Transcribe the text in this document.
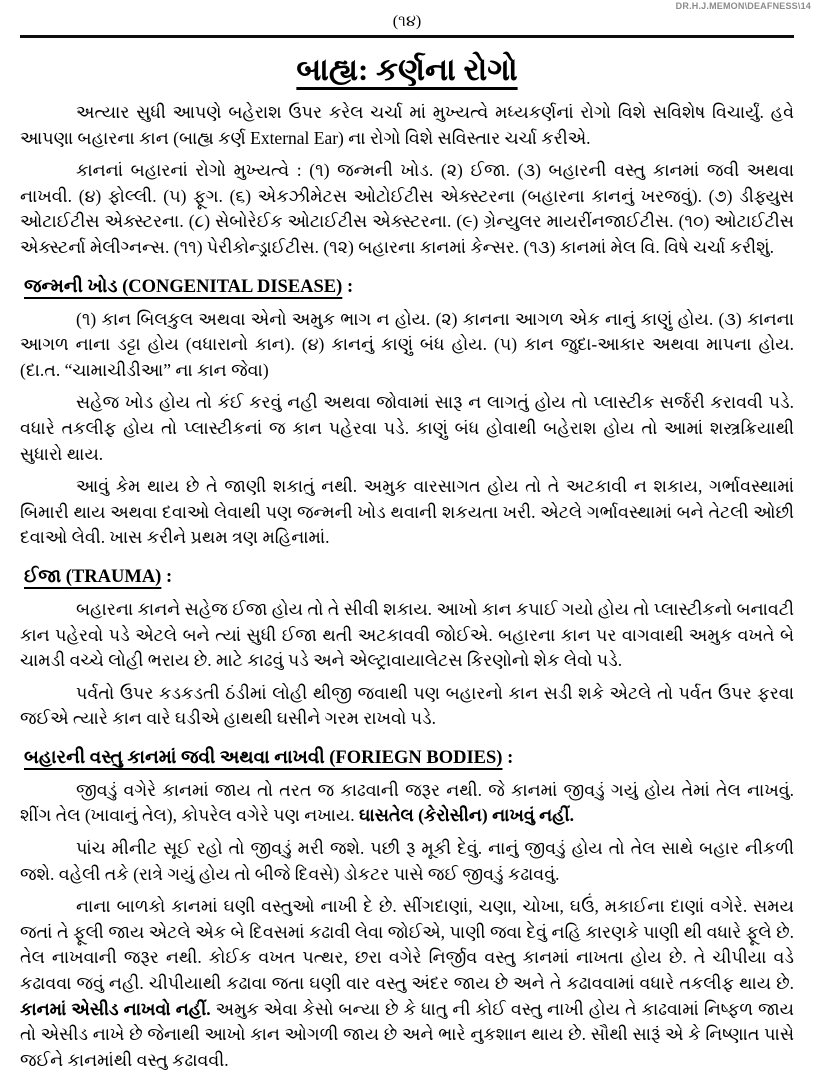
DR.H.J.MEMON\DEAFNESS\14
(૧૪)
બાહ્ય: કર્ણના રોગો

અત્યાર સુધી આપણે બહેરાશ ઉપર કરેલ ચર્ચા માં મુખ્યત્વે મધ્યકર્ણનાં રોગો વિશે સવિશેષ વિચાર્યું. હવે આપણા બહારના કાન (બાહ્ય કર્ણ External Ear) ના રોગો વિશે સવિસ્તાર ચર્ચા કરીએ.

કાનનાં બહારનાં રોગો મુખ્યત્વે : (૧) જન્મની ખોડ. (૨) ઈજા. (૩) બહારની વસ્તુ કાનમાં જવી અથવા નાખવી. (૪) ફોલ્લી. (૫) ફૂગ. (૬) એકઝીમેટસ ઓટોઈટીસ એક્સ્ટરના (બહારના કાનનું ખરજવું). (૭) ડીફ્યુસ ઓટાઈટીસ એક્સ્ટરના. (૮) સેબોરેઈક ઓટાઈટીસ એક્સ્ટરના. (૯) ગ્રેન્યુલર માયરીંનજાઈટીસ. (૧૦) ઓટાઈટીસ એક્સ્ટર્ના મેલીગ્નન્સ. (૧૧) પેરીકોન્ડ્રાઈટીસ. (૧૨) બહારના કાનમાં કેન્સર. (૧૩) કાનમાં મેલ વિ. વિષે ચર્ચા કરીશું.

જન્મની ખોડ (CONGENITAL DISEASE) :

(૧) કાન બિલકુલ અથવા એનો અમુક ભાગ ન હોય. (૨) કાનના આગળ એક નાનું કાણું હોય. (૩) કાનના આગળ નાના ડટ્ટા હોય (વધારાનો કાન). (૪) કાનનું કાણું બંધ હોય. (૫) કાન જુદા-આકાર અથવા માપના હોય. (દા.ત. “ચામાચીડીઆ” ના કાન જેવા)

સહેજ ખોડ હોય તો કંઈ કરવું નહી અથવા જોવામાં સારૂ ન લાગતું હોય તો પ્લાસ્ટીક સર્જરી કરાવવી પડે. વધારે તકલીફ હોય તો પ્લાસ્ટીકનાં જ કાન પહેરવા પડે. કાણું બંધ હોવાથી બહેરાશ હોય તો આમાં શસ્ત્રક્રિયાથી સુધારો થાય.

આવું કેમ થાય છે તે જાણી શકાતું નથી. અમુક વારસાગત હોય તો તે અટકાવી ન શકાય, ગર્ભાવસ્થામાં બિમારી થાય અથવા દવાઓ લેવાથી પણ જન્મની ખોડ થવાની શકયતા ખરી. એટલે ગર્ભાવસ્થામાં બને તેટલી ઓછી દવાઓ લેવી. ખાસ કરીને પ્રથમ ત્રણ મહિનામાં.

ઈજા (TRAUMA) :

બહારના કાનને સહેજ ઈજા હોય તો તે સીવી શકાય. આખો કાન કપાઈ ગયો હોય તો પ્લાસ્ટીકનો બનાવટી કાન પહેરવો પડે એટલે બને ત્યાં સુધી ઈજા થતી અટકાવવી જોઈએ. બહારના કાન પર વાગવાથી અમુક વખતે બે ચામડી વચ્ચે લોહી ભરાય છે. માટે કાઢવું પડે અને એલ્ટ્રાવાયાલેટસ કિરણોનો શેક લેવો પડે.

પર્વતો ઉપર કડકડતી ઠંડીમાં લોહી થીજી જવાથી પણ બહારનો કાન સડી શકે એટલે તો પર્વત ઉપર ફરવા જઈએ ત્યારે કાન વારે ઘડીએ હાથથી ઘસીને ગરમ રાખવો પડે.

બહારની વસ્તુ કાનમાં જવી અથવા નાખવી (FORIEGN BODIES) :

જીવડું વગેરે કાનમાં જાય તો તરત જ કાઢવાની જરૂર નથી. જે કાનમાં જીવડું ગયું હોય તેમાં તેલ નાખવું. શીંગ તેલ (ખાવાનું તેલ), કોપરેલ વગેરે પણ નખાય. ઘાસતેલ (કેરોસીન) નાખવું નહીં.

પાંચ મીનીટ સૂઈ રહો તો જીવડું મરી જશે. પછી રૂ મૂકી દેવું. નાનું જીવડું હોય તો તેલ સાથે બહાર નીકળી જશે. વહેલી તકે (રાત્રે ગયું હોય તો બીજે દિવસે) ડોકટર પાસે જઈ જીવડું કઢાવવું.

નાના બાળકો કાનમાં ઘણી વસ્તુઓ નાખી દે છે. સીંગદાણાં, ચણા, ચોખા, ઘઉં, મકાઈના દાણાં વગેરે. સમય જતાં તે ફૂલી જાય એટલે એક બે દિવસમાં કઢાવી લેવા જોઈએ, પાણી જવા દેવું નહિ કારણકે પાણી થી વધારે ફૂલે છે. તેલ નાખવાની જરૂર નથી. કોઈક વખત પત્થર, છરા વગેરે નિર્જીવ વસ્તુ કાનમાં નાખતા હોય છે. તે ચીપીયા વડે કઢાવવા જવું નહી. ચીપીયાથી કઢાવા જતા ઘણી વાર વસ્તુ અંદર જાય છે અને તે કઢાવવામાં વધારે તકલીફ થાય છે. કાનમાં એસીડ નાખવો નહીં. અમુક એવા કેસો બન્યા છે કે ધાતુ ની કોઈ વસ્તુ નાખી હોય તે કાઢવામાં નિષ્ફળ જાય તો એસીડ નાખે છે જેનાથી આખો કાન ઓગળી જાય છે અને ભારે નુકશાન થાય છે. સૌથી સારૂં એ કે નિષ્ણાત પાસે જઈને કાનમાંથી વસ્તુ કઢાવવી.
